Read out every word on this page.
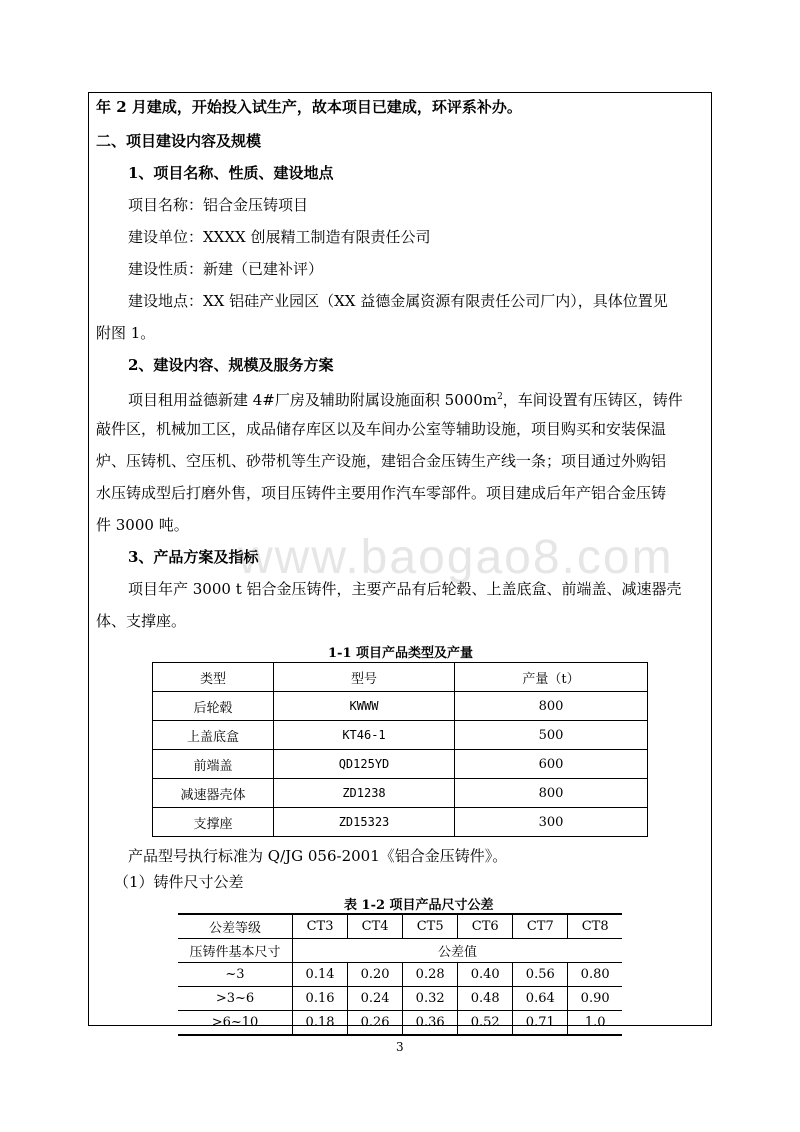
www.baogao8.com
年 2 月建成，开始投入试生产，故本项目已建成，环评系补办。
二、项目建设内容及规模
1、项目名称、性质、建设地点
项目名称：铝合金压铸项目
建设单位：XXXX 创展精工制造有限责任公司
建设性质：新建（已建补评）
建设地点：XX 铝硅产业园区（XX 益德金属资源有限责任公司厂内），具体位置见
附图 1。
2、建设内容、规模及服务方案
项目租用益德新建 4#厂房及辅助附属设施面积 $5000m^2$，车间设置有压铸区，铸件
敲件区，机械加工区，成品储存库区以及车间办公室等辅助设施，项目购买和安装保温
炉、压铸机、空压机、砂带机等生产设施，建铝合金压铸生产线一条；项目通过外购铝
水压铸成型后打磨外售，项目压铸件主要用作汽车零部件。项目建成后年产铝合金压铸
件 3000 吨。
3、产品方案及指标
项目年产 3000 t 铝合金压铸件，主要产品有后轮毂、上盖底盒、前端盖、减速器壳
体、支撑座。
1-1 项目产品类型及产量
类型	型号	产量（t）
后轮毂	KWWW	800
上盖底盒	KT46-1	500
前端盖	QD125YD	600
减速器壳体	ZD1238	800
支撑座	ZD15323	300
产品型号执行标准为 Q/JG 056-2001《铝合金压铸件》。
（1）铸件尺寸公差
表 1-2 项目产品尺寸公差
公差等级	CT3	CT4	CT5	CT6	CT7	CT8
压铸件基本尺寸	公差值					
~3	0.14	0.20	0.28	0.40	0.56	0.80
>3~6	0.16	0.24	0.32	0.48	0.64	0.90
>6~10	0.18	0.26	0.36	0.52	0.71	1.0
3
